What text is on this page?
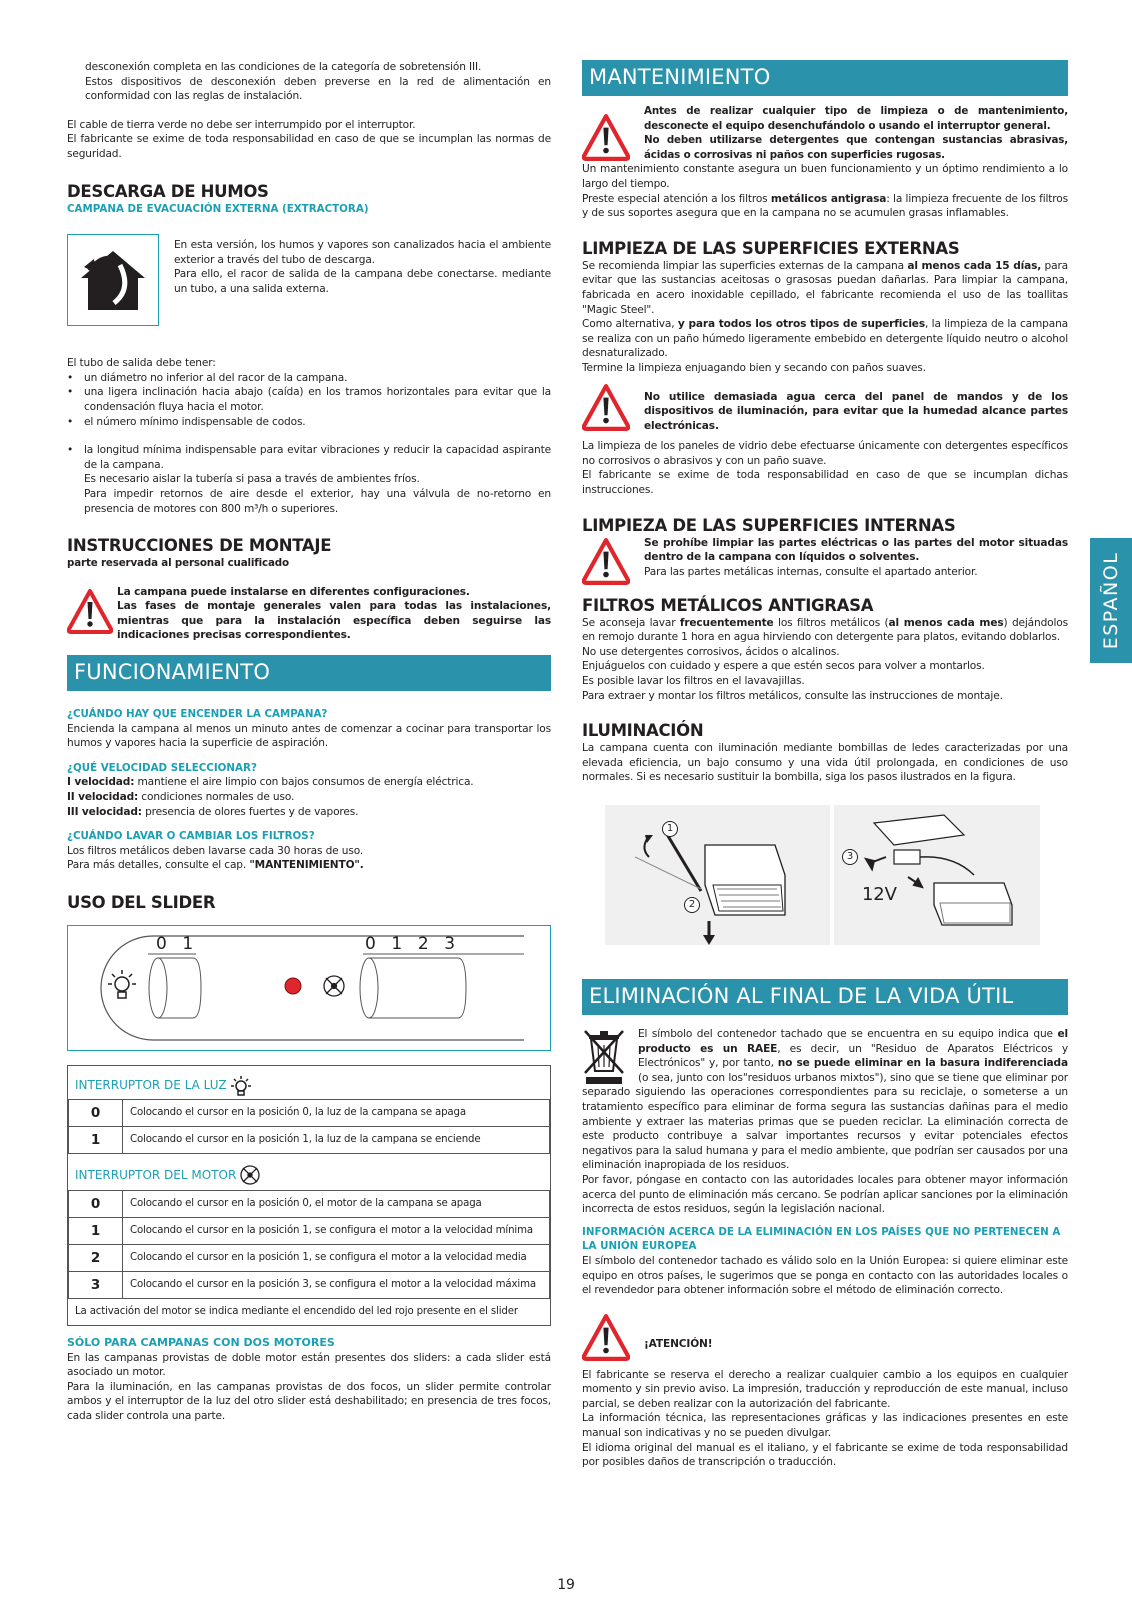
desconexión completa en las condiciones de la categoría de sobretensión III.

Estos dispositivos de desconexión deben preverse en la red de alimentación en conformidad con las reglas de instalación.

El cable de tierra verde no debe ser interrumpido por el interruptor.

El fabricante se exime de toda responsabilidad en caso de que se incumplan las normas de seguridad.

DESCARGA DE HUMOS
CAMPANA DE EVACUACIÓN EXTERNA (EXTRACTORA)

En esta versión, los humos y vapores son canalizados hacia el ambiente exterior a través del tubo de descarga.

Para ello, el racor de salida de la campana debe conectarse. mediante un tubo, a una salida externa.

El tubo de salida debe tener:

• un diámetro no inferior al del racor de la campana.
• una ligera inclinación hacia abajo (caída) en los tramos horizontales para evitar que la condensación fluya hacia el motor.
• el número mínimo indispensable de codos.
• la longitud mínima indispensable para evitar vibraciones y reducir la capacidad aspirante de la campana.
Es necesario aislar la tubería si pasa a través de ambientes fríos.
Para impedir retornos de aire desde el exterior, hay una válvula de no-retorno en presencia de motores con 800 m³/h o superiores.
INSTRUCCIONES DE MONTAJE
parte reservada al personal cualificado

La campana puede instalarse en diferentes configuraciones.

Las fases de montaje generales valen para todas las instalaciones, mientras que para la instalación específica deben seguirse las indicaciones precisas correspondientes.

FUNCIONAMIENTO
¿CUÁNDO HAY QUE ENCENDER LA CAMPANA?

Encienda la campana al menos un minuto antes de comenzar a cocinar para transportar los humos y vapores hacia la superficie de aspiración.

¿QUÉ VELOCIDAD SELECCIONAR?

I velocidad: mantiene el aire limpio con bajos consumos de energía eléctrica.

II velocidad: condiciones normales de uso.

III velocidad: presencia de olores fuertes y de vapores.

¿CUÁNDO LAVAR O CAMBIAR LOS FILTROS?

Los filtros metálicos deben lavarse cada 30 horas de uso.

Para más detalles, consulte el cap. "MANTENIMIENTO".

USO DEL SLIDER
0   1	0   1   2   3
INTERRUPTOR DE LA LUZ
0	Colocando el cursor en la posición 0, la luz de la campana se apaga
1	Colocando el cursor en la posición 1, la luz de la campana se enciende
INTERRUPTOR DEL MOTOR
0	Colocando el cursor en la posición 0, el motor de la campana se apaga
1	Colocando el cursor en la posición 1, se configura el motor a la velocidad mínima
2	Colocando el cursor en la posición 1, se configura el motor a la velocidad media
3	Colocando el cursor en la posición 3, se configura el motor a la velocidad máxima
La activación del motor se indica mediante el encendido del led rojo presente en el slider
SÓLO PARA CAMPANAS CON DOS MOTORES

En las campanas provistas de doble motor están presentes dos sliders: a cada slider está asociado un motor.

Para la iluminación, en las campanas provistas de dos focos, un slider permite controlar ambos y el interruptor de la luz del otro slider está deshabilitado; en presencia de tres focos, cada slider controla una parte.

MANTENIMIENTO

Antes de realizar cualquier tipo de limpieza o de mantenimiento, desconecte el equipo desenchufándolo o usando el interruptor general.

No deben utilizarse detergentes que contengan sustancias abrasivas, ácidas o corrosivas ni paños con superficies rugosas.

Un mantenimiento constante asegura un buen funcionamiento y un óptimo rendimiento a lo largo del tiempo.

Preste especial atención a los filtros metálicos antigrasa: la limpieza frecuente de los filtros y de sus soportes asegura que en la campana no se acumulen grasas inflamables.

LIMPIEZA DE LAS SUPERFICIES EXTERNAS

Se recomienda limpiar las superficies externas de la campana al menos cada 15 días, para evitar que las sustancias aceitosas o grasosas puedan dañarlas. Para limpiar la campana, fabricada en acero inoxidable cepillado, el fabricante recomienda el uso de las toallitas "Magic Steel".

Como alternativa, y para todos los otros tipos de superficies, la limpieza de la campana se realiza con un paño húmedo ligeramente embebido en detergente líquido neutro o alcohol desnaturalizado.

Termine la limpieza enjuagando bien y secando con paños suaves.

No utilice demasiada agua cerca del panel de mandos y de los dispositivos de iluminación, para evitar que la humedad alcance partes electrónicas.

La limpieza de los paneles de vidrio debe efectuarse únicamente con detergentes específicos no corrosivos o abrasivos y con un paño suave.

El fabricante se exime de toda responsabilidad en caso de que se incumplan dichas instrucciones.

LIMPIEZA DE LAS SUPERFICIES INTERNAS

Se prohíbe limpiar las partes eléctricas o las partes del motor situadas dentro de la campana con líquidos o solventes.

Para las partes metálicas internas, consulte el apartado anterior.

FILTROS METÁLICOS ANTIGRASA

Se aconseja lavar frecuentemente los filtros metálicos (al menos cada mes) dejándolos en remojo durante 1 hora en agua hirviendo con detergente para platos, evitando doblarlos.

No use detergentes corrosivos, ácidos o alcalinos.

Enjuáguelos con cuidado y espere a que estén secos para volver a montarlos.

Es posible lavar los filtros en el lavavajillas.

Para extraer y montar los filtros metálicos, consulte las instrucciones de montaje.

ILUMINACIÓN

La campana cuenta con iluminación mediante bombillas de ledes caracterizadas por una elevada eficiencia, un bajo consumo y una vida útil prolongada, en condiciones de uso normales. Si es necesario sustituir la bombilla, siga los pasos ilustrados en la figura.

1
2
3
12V
ELIMINACIÓN AL FINAL DE LA VIDA ÚTIL

El símbolo del contenedor tachado que se encuentra en su equipo indica que el producto es un RAEE, es decir, un "Residuo de Aparatos Eléctricos y Electrónicos" y, por tanto, no se puede eliminar en la basura indiferenciada (o sea, junto con los"residuos urbanos mixtos"), sino que se tiene que eliminar por separado siguiendo las operaciones correspondientes para su reciclaje, o someterse a un tratamiento específico para eliminar de forma segura las sustancias dañinas para el medio ambiente y extraer las materias primas que se pueden reciclar. La eliminación correcta de este producto contribuye a salvar importantes recursos y evitar potenciales efectos negativos para la salud humana y para el medio ambiente, que podrían ser causados por una eliminación inapropiada de los residuos.

Por favor, póngase en contacto con las autoridades locales para obtener mayor información acerca del punto de eliminación más cercano. Se podrían aplicar sanciones por la eliminación incorrecta de estos residuos, según la legislación nacional.

INFORMACIÓN ACERCA DE LA ELIMINACIÓN EN LOS PAÍSES QUE NO PERTENECEN A LA UNIÓN EUROPEA

El símbolo del contenedor tachado es válido solo en la Unión Europea: si quiere eliminar este equipo en otros países, le sugerimos que se ponga en contacto con las autoridades locales o el revendedor para obtener información sobre el método de eliminación correcto.

¡ATENCIÓN!

El fabricante se reserva el derecho a realizar cualquier cambio a los equipos en cualquier momento y sin previo aviso. La impresión, traducción y reproducción de este manual, incluso parcial, se deben realizar con la autorización del fabricante.

La información técnica, las representaciones gráficas y las indicaciones presentes en este manual son indicativas y no se pueden divulgar.

El idioma original del manual es el italiano, y el fabricante se exime de toda responsabilidad por posibles daños de transcripción o traducción.

ESPAÑOL
19
